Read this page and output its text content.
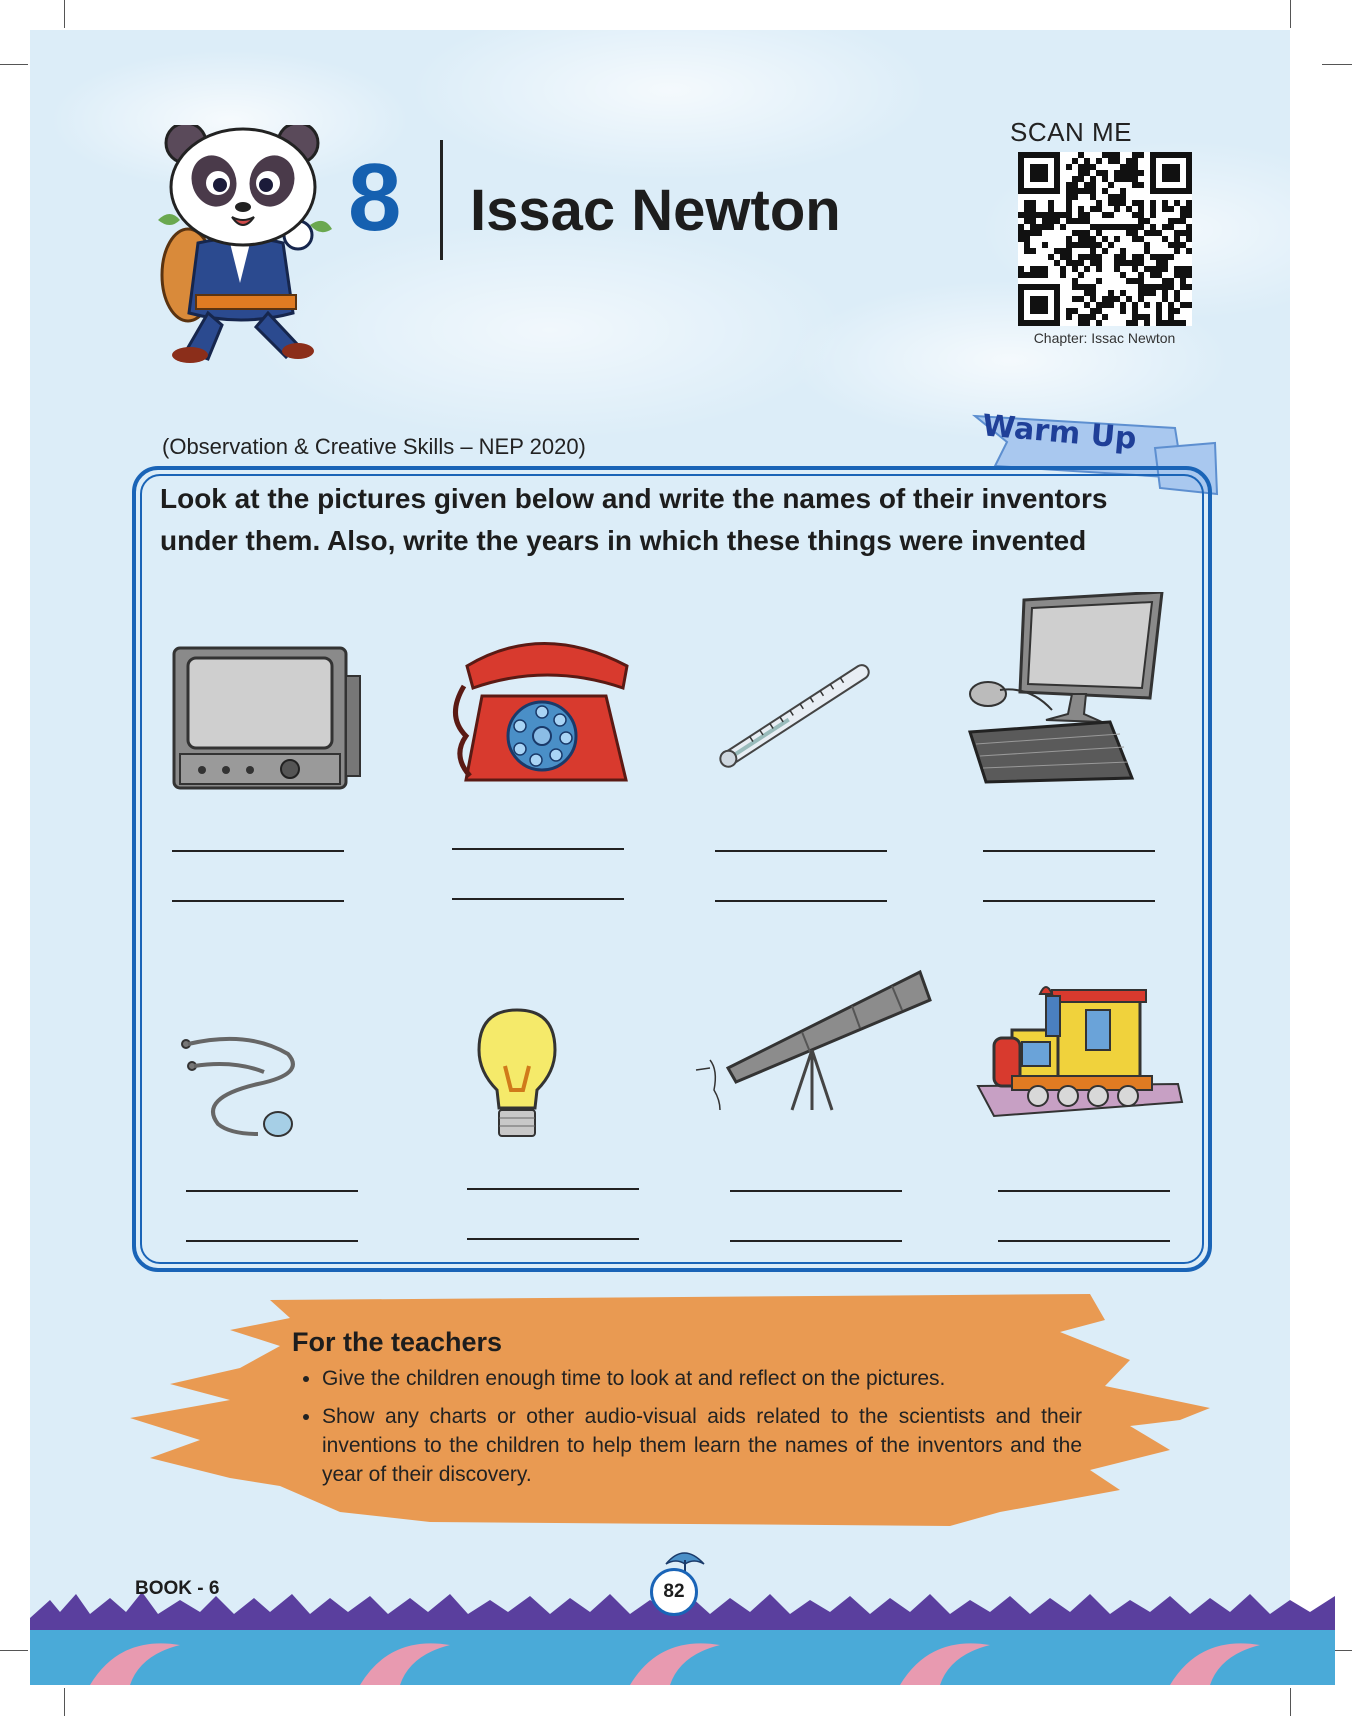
8 Issac Newton
SCAN ME
Chapter: Issac Newton
(Observation & Creative Skills – NEP 2020)	Warm Up
Look at the pictures given below and write the names of their inventors under them. Also, write the years in which these things were invented
For the teachers
• Give the children enough time to look at and reflect on the pictures.
• Show any charts or other audio-visual aids related to the scientists and their inventions to the children to help them learn the names of the inventors and the year of their discovery.
BOOK - 6	82
